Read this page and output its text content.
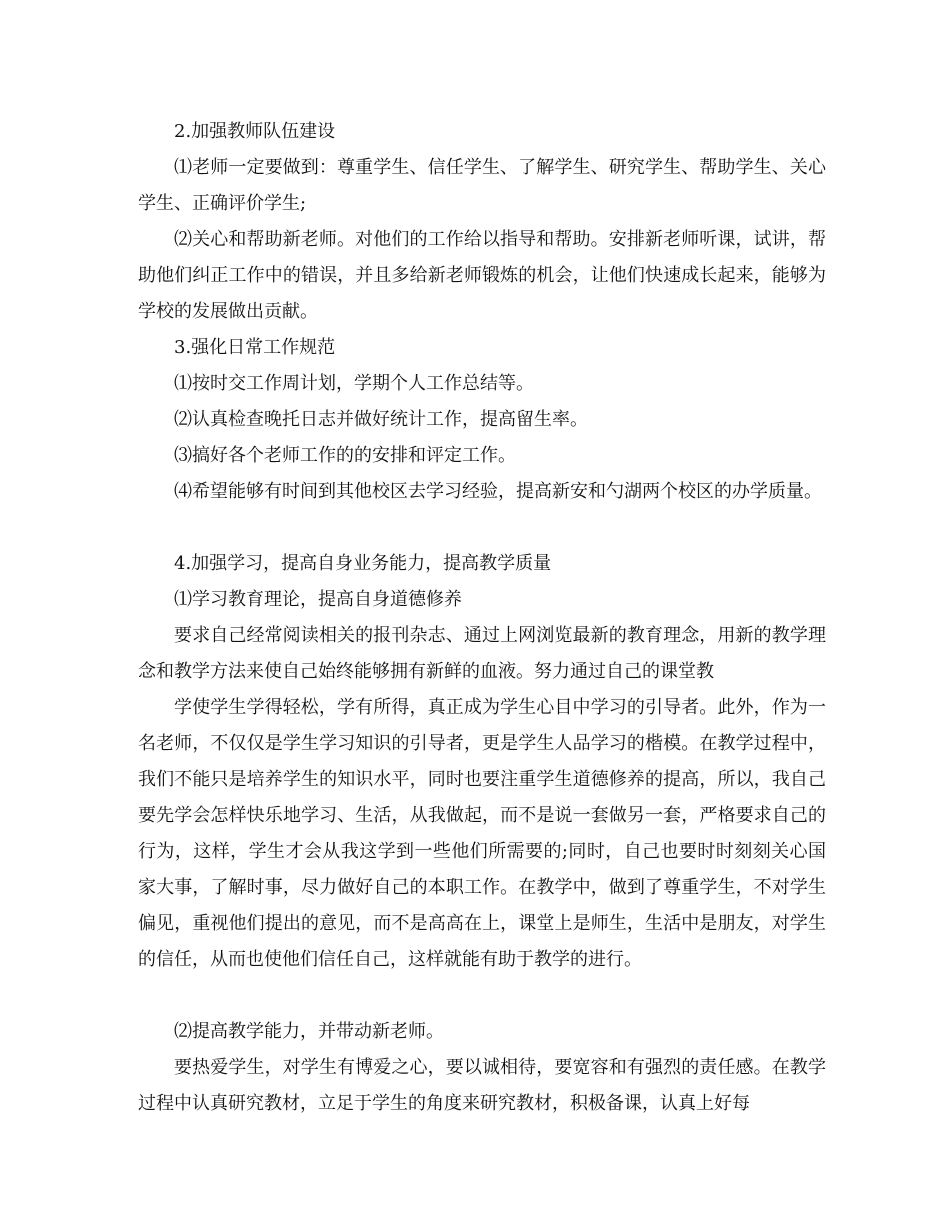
2.加强教师队伍建设

⑴老师一定要做到：尊重学生、信任学生、了解学生、研究学生、帮助学生、关心学生、正确评价学生;

⑵关心和帮助新老师。对他们的工作给以指导和帮助。安排新老师听课，试讲，帮助他们纠正工作中的错误，并且多给新老师锻炼的机会，让他们快速成长起来，能够为学校的发展做出贡献。

3.强化日常工作规范

⑴按时交工作周计划，学期个人工作总结等。

⑵认真检查晚托日志并做好统计工作，提高留生率。

⑶搞好各个老师工作的的安排和评定工作。

⑷希望能够有时间到其他校区去学习经验，提高新安和勺湖两个校区的办学质量。

4.加强学习，提高自身业务能力，提高教学质量

⑴学习教育理论，提高自身道德修养

要求自己经常阅读相关的报刊杂志、通过上网浏览最新的教育理念，用新的教学理念和教学方法来使自己始终能够拥有新鲜的血液。努力通过自己的课堂教

学使学生学得轻松，学有所得，真正成为学生心目中学习的引导者。此外，作为一名老师，不仅仅是学生学习知识的引导者，更是学生人品学习的楷模。在教学过程中，我们不能只是培养学生的知识水平，同时也要注重学生道德修养的提高，所以，我自己要先学会怎样快乐地学习、生活，从我做起，而不是说一套做另一套，严格要求自己的行为，这样，学生才会从我这学到一些他们所需要的;同时，自己也要时时刻刻关心国家大事，了解时事，尽力做好自己的本职工作。在教学中，做到了尊重学生，不对学生偏见，重视他们提出的意见，而不是高高在上，课堂上是师生，生活中是朋友，对学生的信任，从而也使他们信任自己，这样就能有助于教学的进行。

⑵提高教学能力，并带动新老师。

要热爱学生，对学生有博爱之心，要以诚相待，要宽容和有强烈的责任感。在教学过程中认真研究教材，立足于学生的角度来研究教材，积极备课，认真上好每
